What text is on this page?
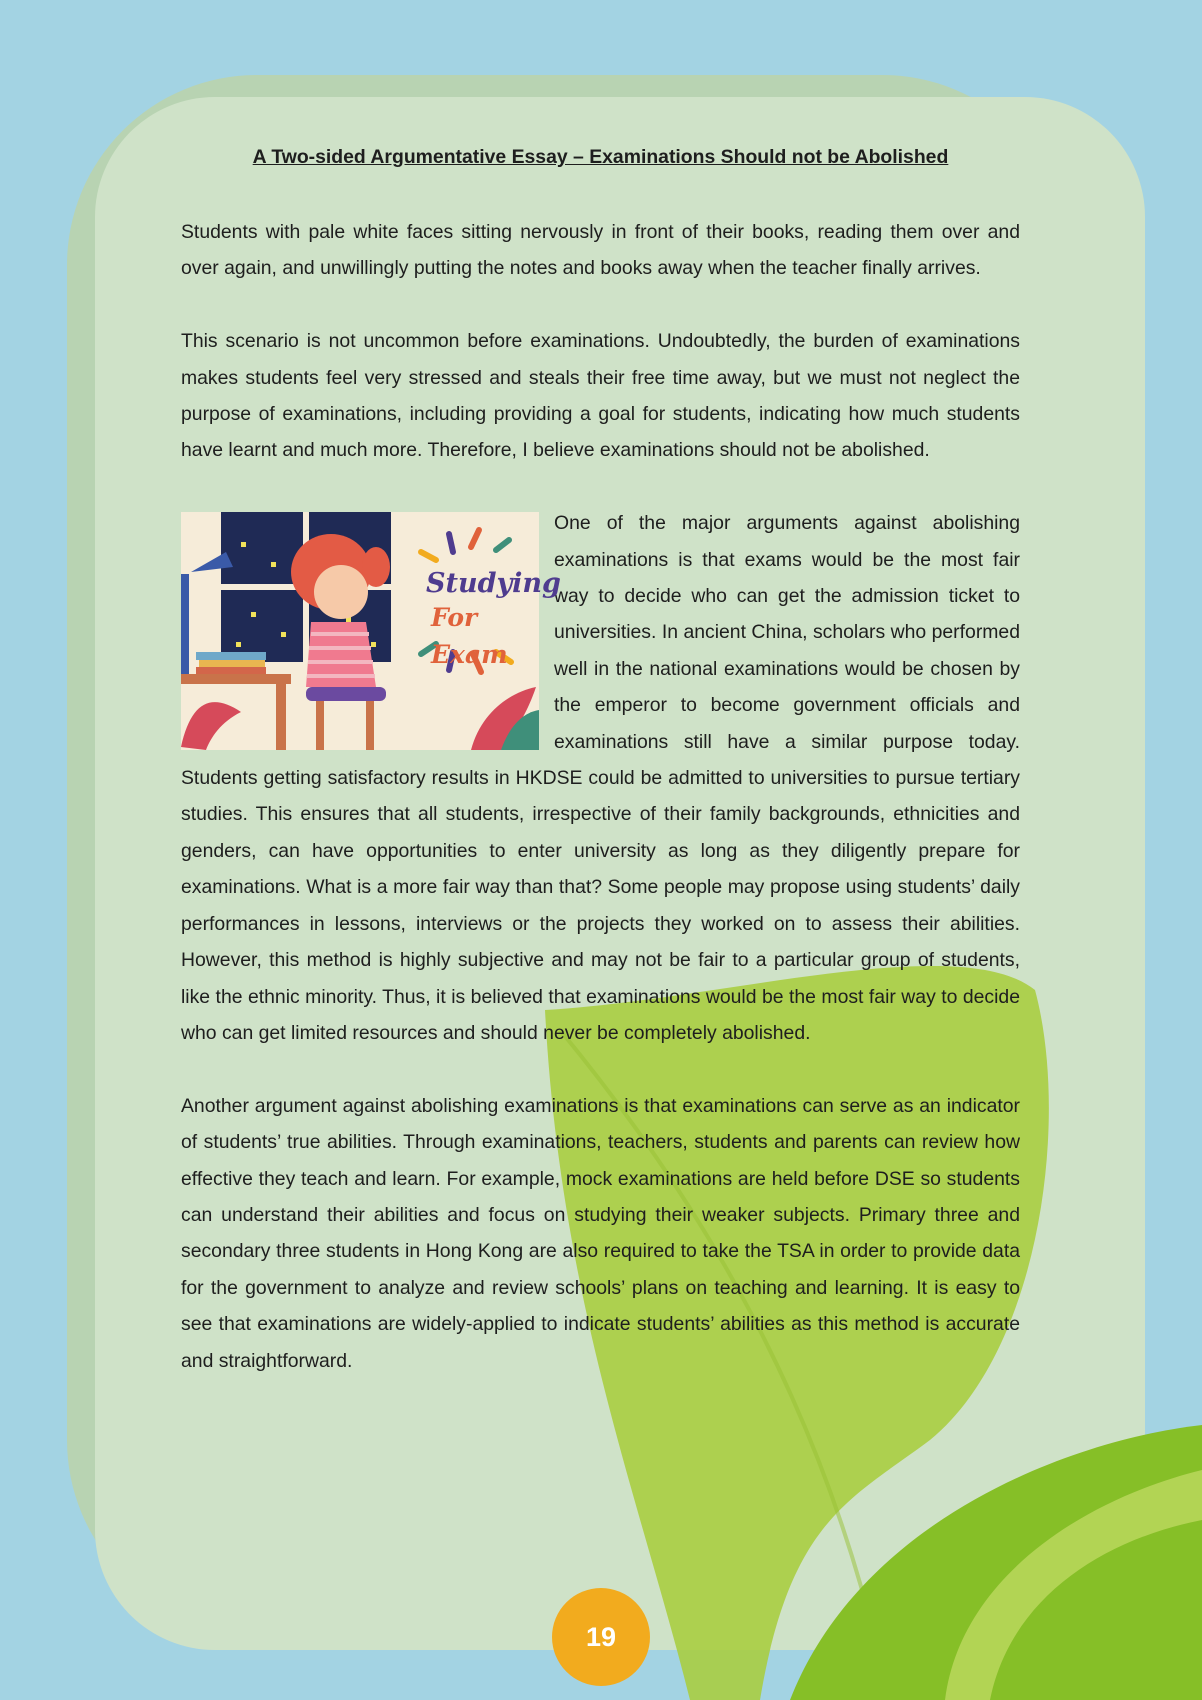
A Two-sided Argumentative Essay – Examinations Should not be Abolished

Students with pale white faces sitting nervously in front of their books, reading them over and over again, and unwillingly putting the notes and books away when the teacher finally arrives.

This scenario is not uncommon before examinations. Undoubtedly, the burden of examinations makes students feel very stressed and steals their free time away, but we must not neglect the purpose of examinations, including providing a goal for students, indicating how much students have learnt and much more. Therefore, I believe examinations should not be abolished.

Studying
For Exam

One of the major arguments against abolishing examinations is that exams would be the most fair way to decide who can get the admission ticket to universities. In ancient China, scholars who performed well in the national examinations would be chosen by the emperor to become government officials and examinations still have a similar purpose today. Students getting satisfactory results in HKDSE could be admitted to universities to pursue tertiary studies. This ensures that all students, irrespective of their family backgrounds, ethnicities and genders, can have opportunities to enter university as long as they diligently prepare for examinations. What is a more fair way than that? Some people may propose using students’ daily performances in lessons, interviews or the projects they worked on to assess their abilities. However, this method is highly subjective and may not be fair to a particular group of students, like the ethnic minority. Thus, it is believed that examinations would be the most fair way to decide who can get limited resources and should never be completely abolished.

Another argument against abolishing examinations is that examinations can serve as an indicator of students’ true abilities. Through examinations, teachers, students and parents can review how effective they teach and learn. For example, mock examinations are held before DSE so students can understand their abilities and focus on studying their weaker subjects. Primary three and secondary three students in Hong Kong are also required to take the TSA in order to provide data for the government to analyze and review schools’ plans on teaching and learning. It is easy to see that examinations are widely-applied to indicate students’ abilities as this method is accurate and straightforward.

19
